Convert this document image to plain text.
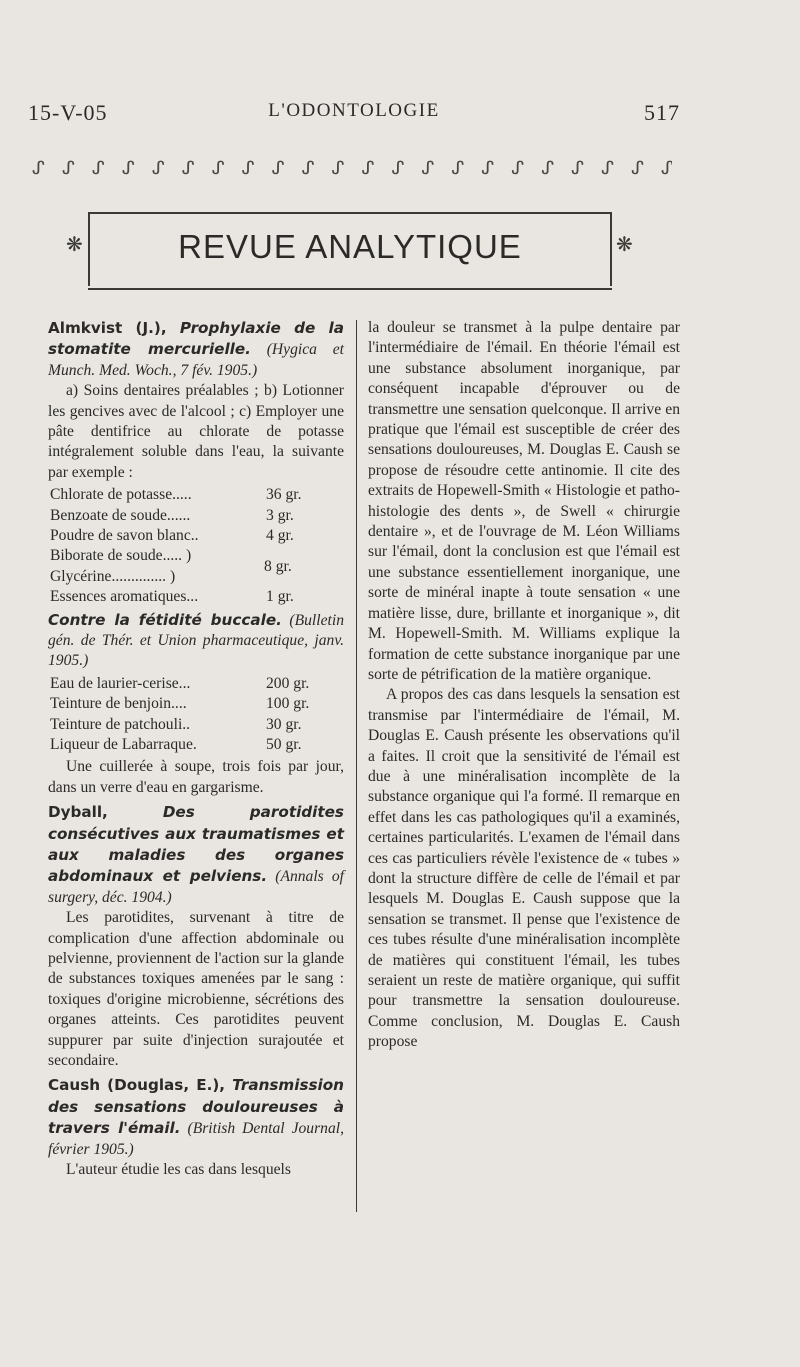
15-V-05	L'ODONTOLOGIE	517
ᔑ ᔑ ᔑ ᔑ ᔑ ᔑ ᔑ ᔑ ᔑ ᔑ ᔑ ᔑ ᔑ ᔑ ᔑ ᔑ ᔑ ᔑ ᔑ ᔑ ᔑ ᔑ
❋	REVUE ANALYTIQUE	❋

Almkvist (J.), Prophylaxie de la stomatite mercurielle. (Hygica et Munch. Med. Woch., 7 fév. 1905.)

a) Soins dentaires préalables ; b) Lotionner les gencives avec de l'alcool ; c) Employer une pâte dentifrice au chlorate de potasse intégralement soluble dans l'eau, la suivante par exemple :

Chlorate de potasse.....	36 gr.
Benzoate de soude......	3 gr.
Poudre de savon blanc..	4 gr.
Biborate de soude..... )
Glycérine.............. )
8 gr.
Essences aromatiques...	1 gr.

Contre la fétidité buccale. (Bulletin gén. de Thér. et Union pharmaceutique, janv. 1905.)

Eau de laurier-cerise...	200 gr.
Teinture de benjoin....	100 gr.
Teinture de patchouli..	30 gr.
Liqueur de Labarraque.	50 gr.

Une cuillerée à soupe, trois fois par jour, dans un verre d'eau en gargarisme.

Dyball, Des parotidites consécutives aux traumatismes et aux maladies des organes abdominaux et pelviens. (Annals of surgery, déc. 1904.)

Les parotidites, survenant à titre de complication d'une affection abdominale ou pelvienne, proviennent de l'action sur la glande de substances toxiques amenées par le sang : toxiques d'origine microbienne, sécrétions des organes atteints. Ces parotidites peuvent suppurer par suite d'injection surajoutée et secondaire.

Caush (Douglas, E.), Transmission des sensations douloureuses à travers l'émail. (British Dental Journal, février 1905.)

L'auteur étudie les cas dans lesquels

la douleur se transmet à la pulpe dentaire par l'intermédiaire de l'émail. En théorie l'émail est une substance absolument inorganique, par conséquent incapable d'éprouver ou de transmettre une sensation quelconque. Il arrive en pratique que l'émail est susceptible de créer des sensations douloureuses, M. Douglas E. Caush se propose de résoudre cette antinomie. Il cite des extraits de Hopewell-Smith « Histologie et patho-histologie des dents », de Swell « chirurgie dentaire », et de l'ouvrage de M. Léon Williams sur l'émail, dont la conclusion est que l'émail est une substance essentiellement inorganique, une sorte de minéral inapte à toute sensation « une matière lisse, dure, brillante et inorganique », dit M. Hopewell-Smith. M. Williams explique la formation de cette substance inorganique par une sorte de pétrification de la matière organique.

A propos des cas dans lesquels la sensation est transmise par l'intermédiaire de l'émail, M. Douglas E. Caush présente les observations qu'il a faites. Il croit que la sensitivité de l'émail est due à une minéralisation incomplète de la substance organique qui l'a formé. Il remarque en effet dans les cas pathologiques qu'il a examinés, certaines particularités. L'examen de l'émail dans ces cas particuliers révèle l'existence de « tubes » dont la structure diffère de celle de l'émail et par lesquels M. Douglas E. Caush suppose que la sensation se transmet. Il pense que l'existence de ces tubes résulte d'une minéralisation incomplète de matières qui constituent l'émail, les tubes seraient un reste de matière organique, qui suffit pour transmettre la sensation douloureuse. Comme conclusion, M. Douglas E. Caush propose
